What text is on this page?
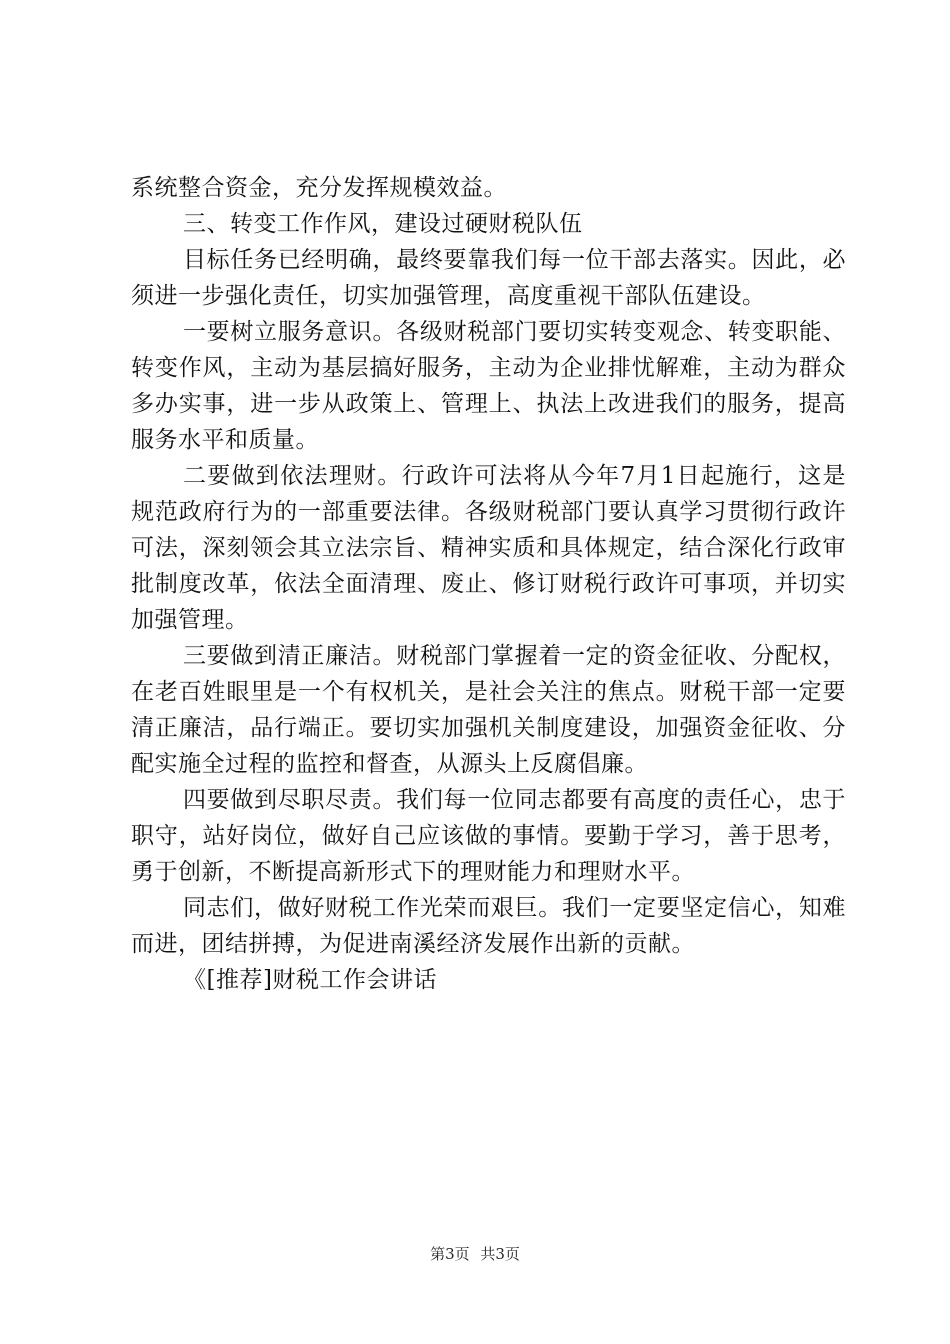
系统整合资金，充分发挥规模效益。

三、转变工作作风，建设过硬财税队伍

目标任务已经明确，最终要靠我们每一位干部去落实。因此，必须进一步强化责任，切实加强管理，高度重视干部队伍建设。

一要树立服务意识。各级财税部门要切实转变观念、转变职能、转变作风，主动为基层搞好服务，主动为企业排忧解难，主动为群众多办实事，进一步从政策上、管理上、执法上改进我们的服务，提高服务水平和质量。

二要做到依法理财。行政许可法将从今年7月1日起施行，这是规范政府行为的一部重要法律。各级财税部门要认真学习贯彻行政许可法，深刻领会其立法宗旨、精神实质和具体规定，结合深化行政审批制度改革，依法全面清理、废止、修订财税行政许可事项，并切实加强管理。

三要做到清正廉洁。财税部门掌握着一定的资金征收、分配权，在老百姓眼里是一个有权机关，是社会关注的焦点。财税干部一定要清正廉洁，品行端正。要切实加强机关制度建设，加强资金征收、分配实施全过程的监控和督查，从源头上反腐倡廉。

四要做到尽职尽责。我们每一位同志都要有高度的责任心，忠于职守，站好岗位，做好自己应该做的事情。要勤于学习，善于思考，勇于创新，不断提高新形式下的理财能力和理财水平。

同志们，做好财税工作光荣而艰巨。我们一定要坚定信心，知难而进，团结拼搏，为促进南溪经济发展作出新的贡献。

《[推荐]财税工作会讲话

第3页 共3页
